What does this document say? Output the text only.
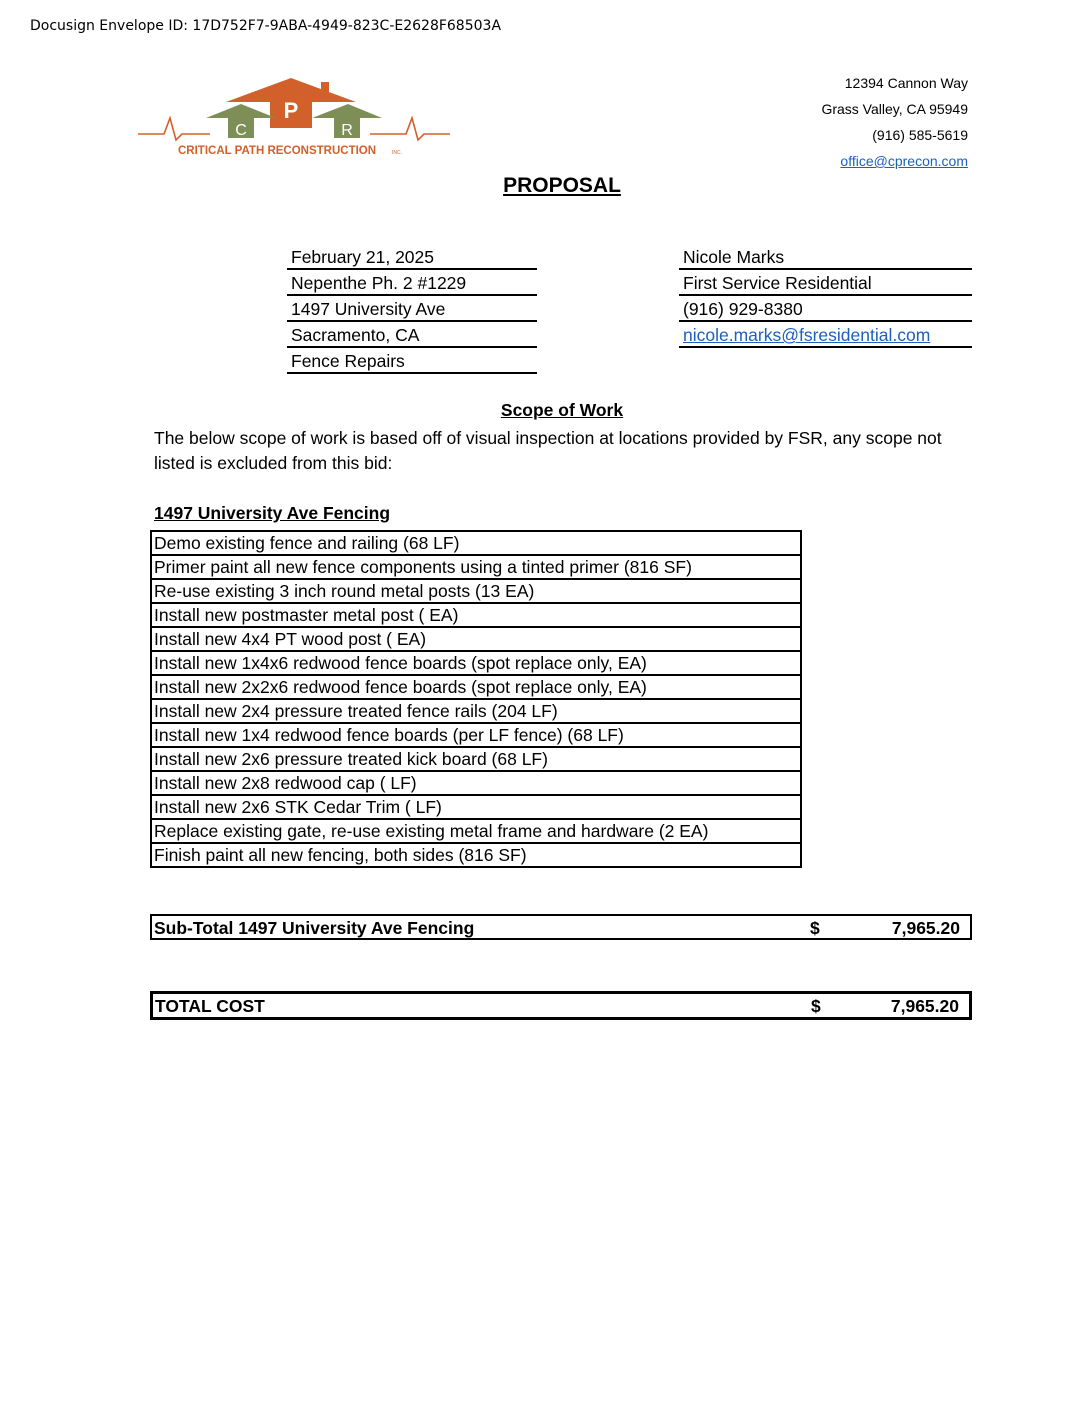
Docusign Envelope ID: 17D752F7-9ABA-4949-823C-E2628F68503A
P
C	R
CRITICAL PATH RECONSTRUCTION	INC.
12394 Cannon Way
Grass Valley, CA 95949
(916) 585-5619
office@cprecon.com
PROPOSAL
February 21, 2025	Nicole Marks
Nepenthe Ph. 2 #1229	First Service Residential
1497 University Ave	(916) 929-8380
Sacramento, CA	nicole.marks@fsresidential.com
Fence Repairs
Scope of Work
The below scope of work is based off of visual inspection at locations provided by FSR, any scope not listed is excluded from this bid:
1497 University Ave Fencing
Demo existing fence and railing (68 LF)
Primer paint all new fence components using a tinted primer (816 SF)
Re-use existing 3 inch round metal posts (13 EA)
Install new postmaster metal post ( EA)
Install new 4x4 PT wood post ( EA)
Install new 1x4x6 redwood fence boards (spot replace only, EA)
Install new 2x2x6 redwood fence boards (spot replace only, EA)
Install new 2x4 pressure treated fence rails (204 LF)
Install new 1x4 redwood fence boards (per LF fence) (68 LF)
Install new 2x6 pressure treated kick board (68 LF)
Install new 2x8 redwood cap ( LF)
Install new 2x6 STK Cedar Trim ( LF)
Replace existing gate, re-use existing metal frame and hardware (2 EA)
Finish paint all new fencing, both sides (816 SF)
Sub-Total 1497 University Ave Fencing	$	7,965.20
TOTAL COST	$	7,965.20
